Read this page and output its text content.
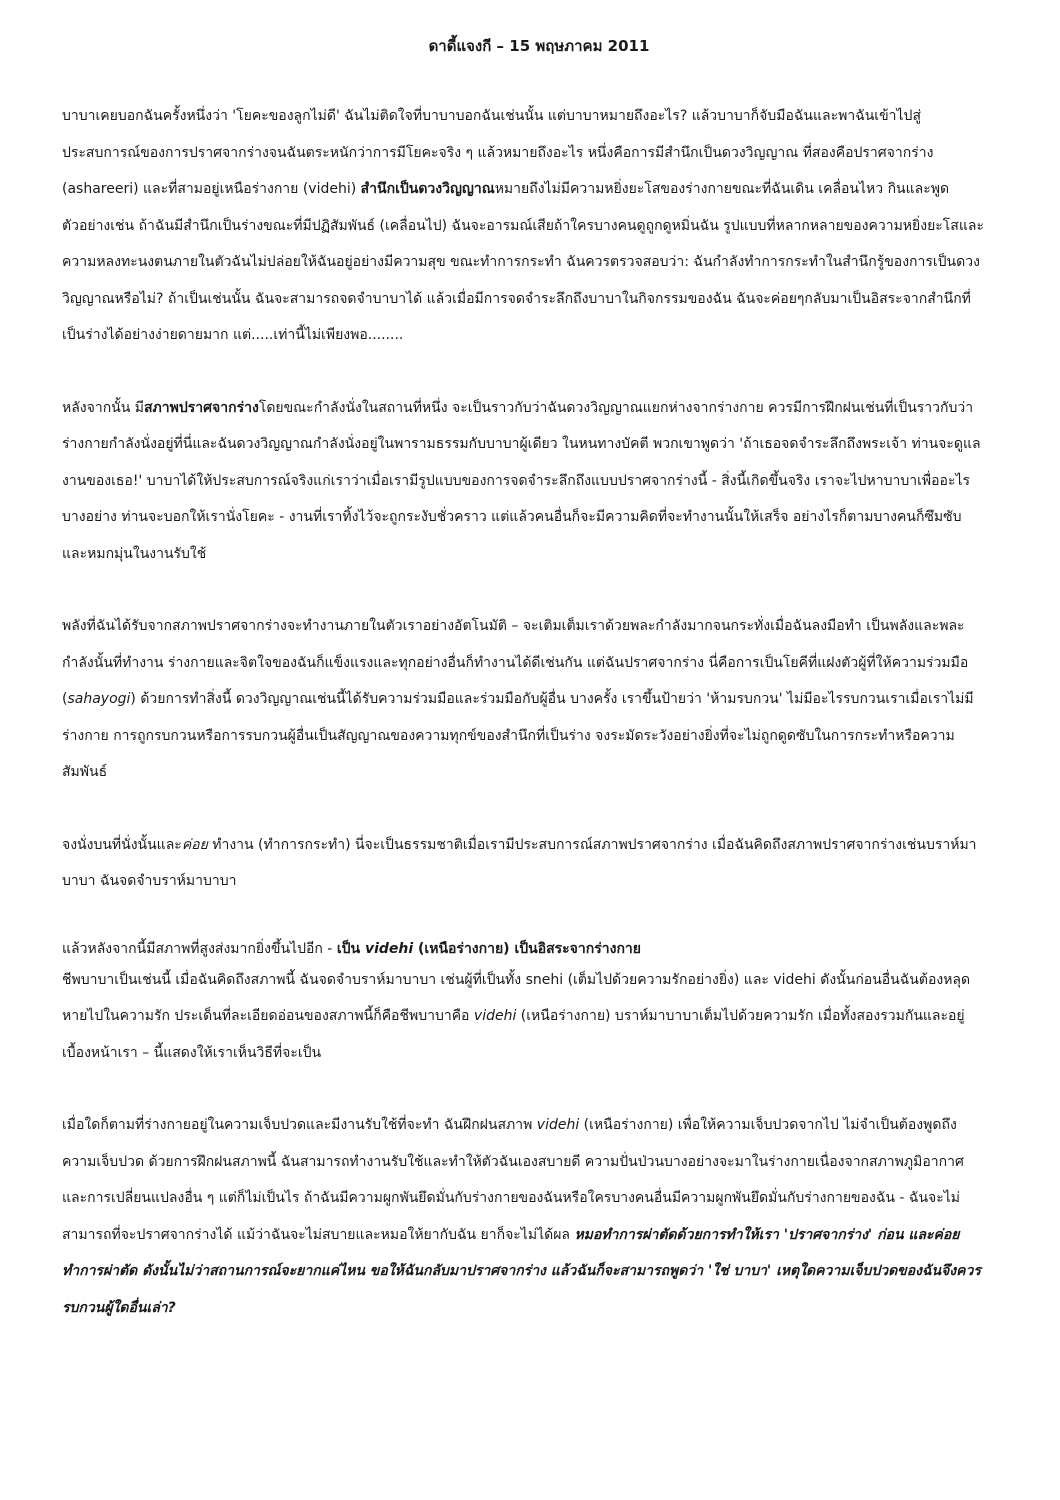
ดาดี้แจงกี – 15 พฤษภาคม 2011

บาบาเคยบอกฉันครั้งหนึ่งว่า 'โยคะของลูกไม่ดี' ฉันไม่ติดใจที่บาบาบอกฉันเช่นนั้น แต่บาบาหมายถึงอะไร? แล้วบาบาก็จับมือฉันและพาฉันเข้าไปสู่ประสบการณ์ของการปราศจากร่างจนฉันตระหนักว่าการมีโยคะจริง ๆ แล้วหมายถึงอะไร หนึ่งคือการมีสำนึกเป็นดวงวิญญาณ ที่สองคือปราศจากร่าง (ashareeri) และที่สามอยู่เหนือร่างกาย (videhi) สำนึกเป็นดวงวิญญาณหมายถึงไม่มีความหยิ่งยะโสของร่างกายขณะที่ฉันเดิน เคลื่อนไหว กินและพูด ตัวอย่างเช่น ถ้าฉันมีสำนึกเป็นร่างขณะที่มีปฏิสัมพันธ์ (เคลื่อนไป) ฉันจะอารมณ์เสียถ้าใครบางคนดูถูกดูหมิ่นฉัน รูปแบบที่หลากหลายของความหยิ่งยะโสและความหลงทะนงตนภายในตัวฉันไม่ปล่อยให้ฉันอยู่อย่างมีความสุข ขณะทำการกระทำ ฉันควรตรวจสอบว่า: ฉันกำลังทำการกระทำในสำนึกรู้ของการเป็นดวงวิญญาณหรือไม่? ถ้าเป็นเช่นนั้น ฉันจะสามารถจดจำบาบาได้ แล้วเมื่อมีการจดจำระลึกถึงบาบาในกิจกรรมของฉัน ฉันจะค่อยๆกลับมาเป็นอิสระจากสำนึกที่เป็นร่างได้อย่างง่ายดายมาก แต่.....เท่านี้ไม่เพียงพอ........

หลังจากนั้น มีสภาพปราศจากร่างโดยขณะกำลังนั่งในสถานที่หนึ่ง จะเป็นราวกับว่าฉันดวงวิญญาณแยกห่างจากร่างกาย ควรมีการฝึกฝนเช่นที่เป็นราวกับว่าร่างกายกำลังนั่งอยู่ที่นี่และฉันดวงวิญญาณกำลังนั่งอยู่ในพารามธรรมกับบาบาผู้เดียว ในหนทางบัคตี พวกเขาพูดว่า 'ถ้าเธอจดจำระลึกถึงพระเจ้า ท่านจะดูแลงานของเธอ!' บาบาได้ให้ประสบการณ์จริงแก่เราว่าเมื่อเรามีรูปแบบของการจดจำระลึกถึงแบบปราศจากร่างนี้ - สิ่งนี้เกิดขึ้นจริง เราจะไปหาบาบาเพื่ออะไรบางอย่าง ท่านจะบอกให้เรานั่งโยคะ - งานที่เราทิ้งไว้จะถูกระงับชั่วคราว แต่แล้วคนอื่นก็จะมีความคิดที่จะทำงานนั้นให้เสร็จ อย่างไรก็ตามบางคนก็ซึมซับและหมกมุ่นในงานรับใช้

พลังที่ฉันได้รับจากสภาพปราศจากร่างจะทำงานภายในตัวเราอย่างอัตโนมัติ – จะเติมเต็มเราด้วยพละกำลังมากจนกระทั่งเมื่อฉันลงมือทำ เป็นพลังและพละกำลังนั้นที่ทำงาน ร่างกายและจิตใจของฉันก็แข็งแรงและทุกอย่างอื่นก็ทำงานได้ดีเช่นกัน แต่ฉันปราศจากร่าง นี่คือการเป็นโยคีที่แฝงตัวผู้ที่ให้ความร่วมมือ (sahayogi) ด้วยการทำสิ่งนี้ ดวงวิญญาณเช่นนี้ได้รับความร่วมมือและร่วมมือกับผู้อื่น บางครั้ง เราขึ้นป้ายว่า 'ห้ามรบกวน' ไม่มีอะไรรบกวนเราเมื่อเราไม่มีร่างกาย การถูกรบกวนหรือการรบกวนผู้อื่นเป็นสัญญาณของความทุกข์ของสำนึกที่เป็นร่าง จงระมัดระวังอย่างยิ่งที่จะไม่ถูกดูดซับในการกระทำหรือความสัมพันธ์

จงนั่งบนที่นั่งนั้นและค่อย ทำงาน (ทำการกระทำ) นี่จะเป็นธรรมชาติเมื่อเรามีประสบการณ์สภาพปราศจากร่าง เมื่อฉันคิดถึงสภาพปราศจากร่างเช่นบราห์มาบาบา ฉันจดจำบราห์มาบาบา

แล้วหลังจากนี้มีสภาพที่สูงส่งมากยิ่งขึ้นไปอีก - เป็น videhi (เหนือร่างกาย) เป็นอิสระจากร่างกาย

ชีพบาบาเป็นเช่นนี้ เมื่อฉันคิดถึงสภาพนี้ ฉันจดจำบราห์มาบาบา เช่นผู้ที่เป็นทั้ง snehi (เต็มไปด้วยความรักอย่างยิ่ง) และ videhi ดังนั้นก่อนอื่นฉันต้องหลุดหายไปในความรัก ประเด็นที่ละเอียดอ่อนของสภาพนี้ก็คือชีพบาบาคือ videhi (เหนือร่างกาย) บราห์มาบาบาเต็มไปด้วยความรัก เมื่อทั้งสองรวมกันและอยู่เบื้องหน้าเรา – นี้แสดงให้เราเห็นวิธีที่จะเป็น

เมื่อใดก็ตามที่ร่างกายอยู่ในความเจ็บปวดและมีงานรับใช้ที่จะทำ ฉันฝึกฝนสภาพ videhi (เหนือร่างกาย) เพื่อให้ความเจ็บปวดจากไป ไม่จำเป็นต้องพูดถึงความเจ็บปวด ด้วยการฝึกฝนสภาพนี้ ฉันสามารถทำงานรับใช้และทำให้ตัวฉันเองสบายดี ความปั่นป่วนบางอย่างจะมาในร่างกายเนื่องจากสภาพภูมิอากาศและการเปลี่ยนแปลงอื่น ๆ แต่ก็ไม่เป็นไร ถ้าฉันมีความผูกพันยึดมั่นกับร่างกายของฉันหรือใครบางคนอื่นมีความผูกพันยึดมั่นกับร่างกายของฉัน - ฉันจะไม่สามารถที่จะปราศจากร่างได้ แม้ว่าฉันจะไม่สบายและหมอให้ยากับฉัน ยาก็จะไม่ได้ผล หมอทำการผ่าตัดด้วยการทำให้เรา 'ปราศจากร่าง' ก่อน และค่อยทำการผ่าตัด ดังนั้นไม่ว่าสถานการณ์จะยากแค่ไหน ขอให้ฉันกลับมาปราศจากร่าง แล้วฉันก็จะสามารถพูดว่า 'ใช่ บาบา' เหตุใดความเจ็บปวดของฉันจึงควรรบกวนผู้ใดอื่นเล่า?
